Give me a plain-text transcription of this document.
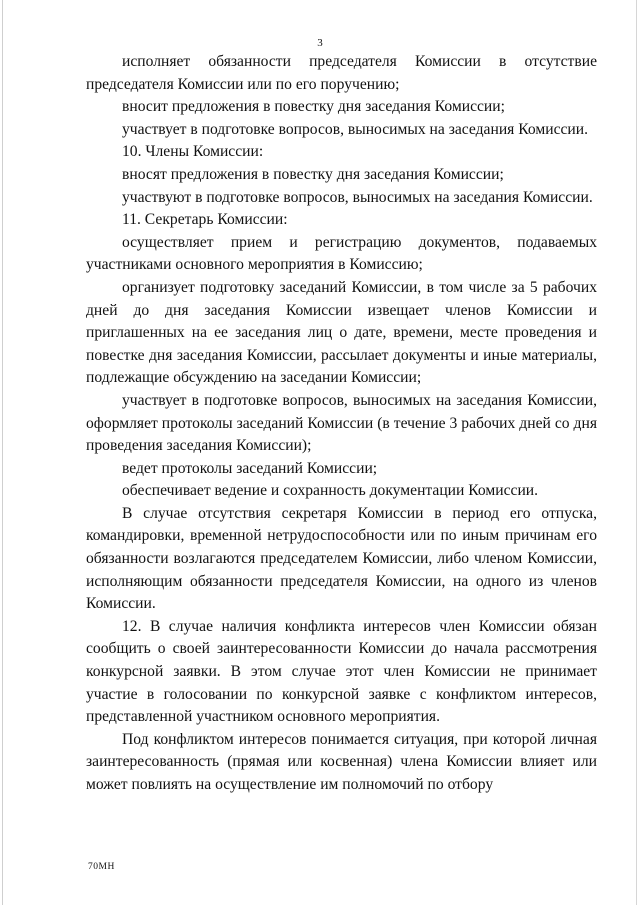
3

исполняет обязанности председателя Комиссии в отсутствие председателя Комиссии или по его поручению;

вносит предложения в повестку дня заседания Комиссии;

участвует в подготовке вопросов, выносимых на заседания Комиссии.

10. Члены Комиссии:

вносят предложения в повестку дня заседания Комиссии;

участвуют в подготовке вопросов, выносимых на заседания Комиссии.

11. Секретарь Комиссии:

осуществляет прием и регистрацию документов, подаваемых участниками основного мероприятия в Комиссию;

организует подготовку заседаний Комиссии, в том числе за 5 рабочих дней до дня заседания Комиссии извещает членов Комиссии и приглашенных на ее заседания лиц о дате, времени, месте проведения и повестке дня заседания Комиссии, рассылает документы и иные материалы, подлежащие обсуждению на заседании Комиссии;

участвует в подготовке вопросов, выносимых на заседания Комиссии, оформляет протоколы заседаний Комиссии (в течение 3 рабочих дней со дня проведения заседания Комиссии);

ведет протоколы заседаний Комиссии;

обеспечивает ведение и сохранность документации Комиссии.

В случае отсутствия секретаря Комиссии в период его отпуска, командировки, временной нетрудоспособности или по иным причинам его обязанности возлагаются председателем Комиссии, либо членом Комиссии, исполняющим обязанности председателя Комиссии, на одного из членов Комиссии.

12. В случае наличия конфликта интересов член Комиссии обязан сообщить о своей заинтересованности Комиссии до начала рассмотрения конкурсной заявки. В этом случае этот член Комиссии не принимает участие в голосовании по конкурсной заявке с конфликтом интересов, представленной участником основного мероприятия.

Под конфликтом интересов понимается ситуация, при которой личная заинтересованность (прямая или косвенная) члена Комиссии влияет или может повлиять на осуществление им полномочий по отбору

70МН
